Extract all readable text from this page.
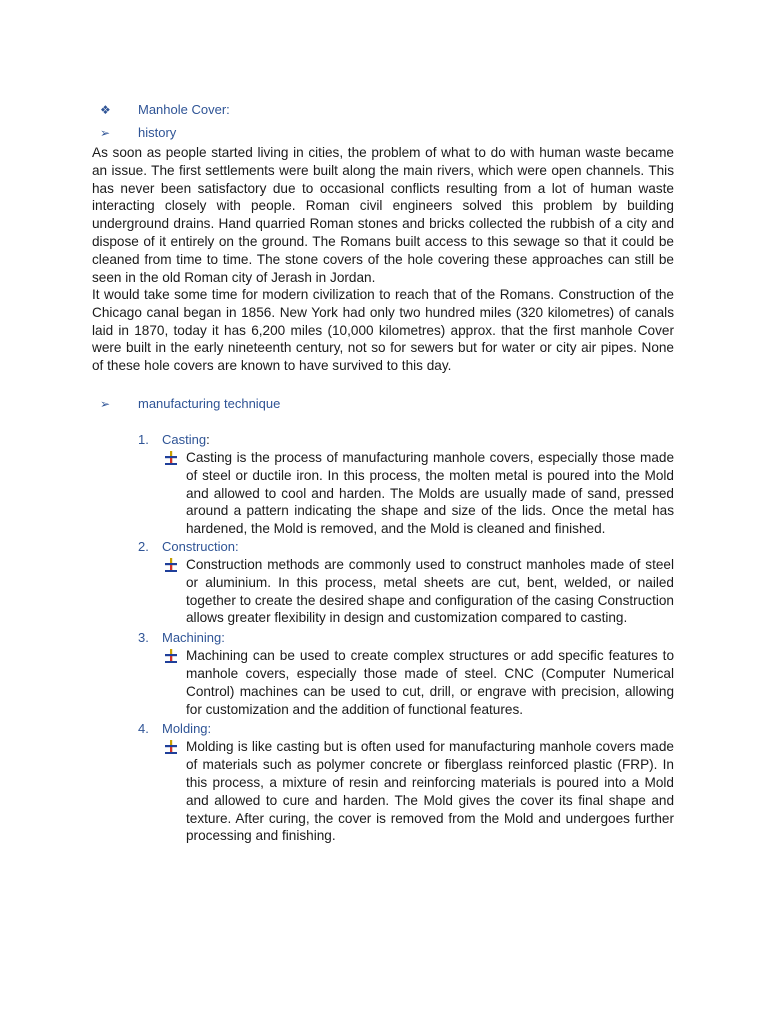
❖	Manhole Cover:
➢	history
As soon as people started living in cities, the problem of what to do with human waste became an issue. The first settlements were built along the main rivers, which were open channels. This has never been satisfactory due to occasional conflicts resulting from a lot of human waste interacting closely with people. Roman civil engineers solved this problem by building underground drains. Hand quarried Roman stones and bricks collected the rubbish of a city and dispose of it entirely on the ground. The Romans built access to this sewage so that it could be cleaned from time to time. The stone covers of the hole covering these approaches can still be seen in the old Roman city of Jerash in Jordan.
It would take some time for modern civilization to reach that of the Romans. Construction of the Chicago canal began in 1856. New York had only two hundred miles (320 kilometres) of canals laid in 1870, today it has 6,200 miles (10,000 kilometres) approx. that the first manhole Cover were built in the early nineteenth century, not so for sewers but for water or city air pipes. None of these hole covers are known to have survived to this day.
➢	manufacturing technique
1.	Casting :
Casting is the process of manufacturing manhole covers, especially those made of steel or ductile iron. In this process, the molten metal is poured into the Mold and allowed to cool and harden. The Molds are usually made of sand, pressed around a pattern indicating the shape and size of the lids. Once the metal has hardened, the Mold is removed, and the Mold is cleaned and finished.
2.	Construction:
Construction methods are commonly used to construct manholes made of steel or aluminium. In this process, metal sheets are cut, bent, welded, or nailed together to create the desired shape and configuration of the casing Construction allows greater flexibility in design and customization compared to casting.
3.	Machining:
Machining can be used to create complex structures or add specific features to manhole covers, especially those made of steel. CNC (Computer Numerical Control) machines can be used to cut, drill, or engrave with precision, allowing for customization and the addition of functional features.
4.	Molding:
Molding is like casting but is often used for manufacturing manhole covers made of materials such as polymer concrete or fiberglass reinforced plastic (FRP). In this process, a mixture of resin and reinforcing materials is poured into a Mold and allowed to cure and harden. The Mold gives the cover its final shape and texture. After curing, the cover is removed from the Mold and undergoes further processing and finishing.
